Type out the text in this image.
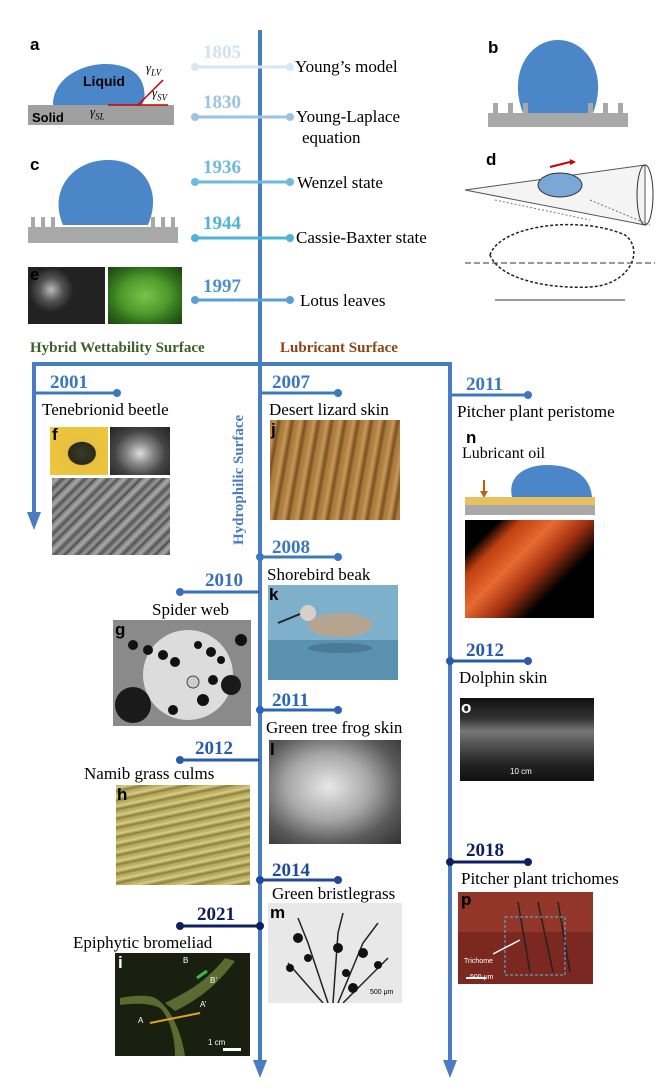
1805
Young’s model
1830
Young-Laplace
equation
1936
Wenzel state
1944
Cassie-Baxter state
1997
Lotus leaves
Hybrid Wettability Surface	Lubricant Surface
Hydrophilic Surface
a
Liquid
Solid
$\gamma_{LV}$
$\gamma_{SV}$
$\gamma_{SL}$
b
c	d
e
2001
Tenebrionid beetle
f
2010
Spider web
g
2012
Namib grass culms
h
2021
Epiphytic bromeliad
i
1 cm
A
A’
B
B’
2007
Desert lizard skin
j
2008
Shorebird beak
k
2011
Green tree frog skin
l
2014
Green bristlegrass
m
500 μm
2011
Pitcher plant peristome
n
Lubricant oil
2012
Dolphin skin
o
10 cm
2018
Pitcher plant trichomes
p
Trichome
500 μm
